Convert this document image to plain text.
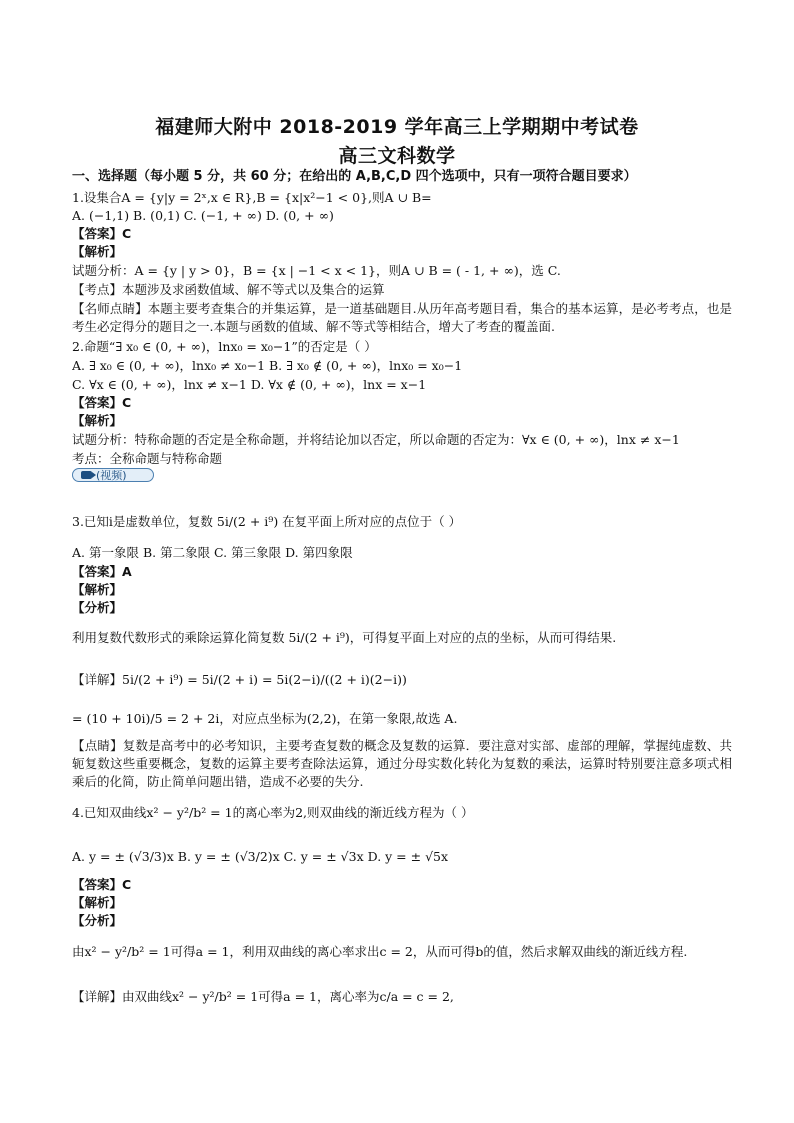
福建师大附中 2018-2019 学年高三上学期期中考试卷
高三文科数学
一、选择题（每小题 5 分，共 60 分；在给出的 A,B,C,D 四个选项中，只有一项符合题目要求）
1.设集合A = {y|y = 2ˣ,x ∈ R},B = {x|x²−1 < 0},则A ∪ B=
A. (−1,1) B. (0,1) C. (−1, + ∞) D. (0, + ∞)
【答案】C
【解析】
试题分析：A = {y | y > 0}，B = {x | −1 < x < 1}，则A ∪ B = ( - 1, + ∞)，选 C.
【考点】本题涉及求函数值域、解不等式以及集合的运算
【名师点睛】本题主要考查集合的并集运算，是一道基础题目.从历年高考题目看，集合的基本运算，是必考考点，也是考生必定得分的题目之一.本题与函数的值域、解不等式等相结合，增大了考查的覆盖面.
2.命题“∃ x₀ ∈ (0, + ∞)，lnx₀ = x₀−1”的否定是（ ）
A. ∃ x₀ ∈ (0, + ∞)，lnx₀ ≠ x₀−1 B. ∃ x₀ ∉ (0, + ∞)，lnx₀ = x₀−1
C. ∀x ∈ (0, + ∞)，lnx ≠ x−1 D. ∀x ∉ (0, + ∞)，lnx = x−1
【答案】C
【解析】
试题分析：特称命题的否定是全称命题，并将结论加以否定，所以命题的否定为：∀x ∈ (0, + ∞)，lnx ≠ x−1
考点：全称命题与特称命题
(视频)
3.已知i是虚数单位，复数 5i/(2 + i⁹) 在复平面上所对应的点位于（ ）
A. 第一象限 B. 第二象限 C. 第三象限 D. 第四象限
【答案】A
【解析】
【分析】
利用复数代数形式的乘除运算化简复数 5i/(2 + i⁹)，可得复平面上对应的点的坐标，从而可得结果.
【详解】5i/(2 + i⁹) = 5i/(2 + i) = 5i(2−i)/((2 + i)(2−i))
= (10 + 10i)/5 = 2 + 2i，对应点坐标为(2,2)，在第一象限,故选 A.
【点睛】复数是高考中的必考知识，主要考查复数的概念及复数的运算．要注意对实部、虚部的理解，掌握纯虚数、共轭复数这些重要概念，复数的运算主要考查除法运算，通过分母实数化转化为复数的乘法，运算时特别要注意多项式相乘后的化简，防止简单问题出错，造成不必要的失分.
4.已知双曲线x² − y²/b² = 1的离心率为2,则双曲线的渐近线方程为（ ）
A. y = ± (√3/3)x B. y = ± (√3/2)x C. y = ± √3x D. y = ± √5x
【答案】C
【解析】
【分析】
由x² − y²/b² = 1可得a = 1，利用双曲线的离心率求出c = 2，从而可得b的值，然后求解双曲线的渐近线方程.
【详解】由双曲线x² − y²/b² = 1可得a = 1，离心率为c/a = c = 2,
